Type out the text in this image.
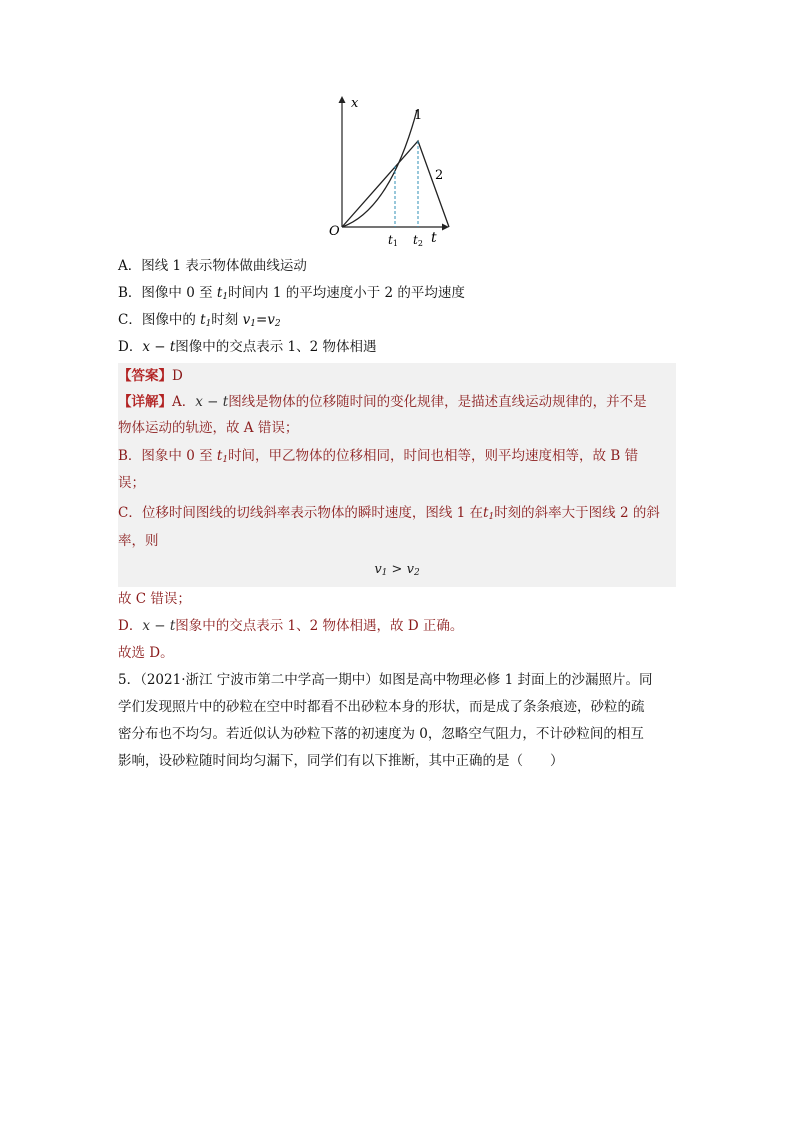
x
t
O
1
2
t1 t2
A．图线 1 表示物体做曲线运动
B．图像中 0 至 $t_1$时间内 1 的平均速度小于 2 的平均速度
C．图像中的 $t_1$时刻 $v_1=v_2$
D．x − t图像中的交点表示 1、2 物体相遇
【答案】D
【详解】A．x − t图线是物体的位移随时间的变化规律，是描述直线运动规律的，并不是
物体运动的轨迹，故 A 错误；
B．图象中 0 至 $t_1$时间，甲乙物体的位移相同，时间也相等，则平均速度相等，故 B 错
误；
C．位移时间图线的切线斜率表示物体的瞬时速度，图线 1 在$t_1$时刻的斜率大于图线 2 的斜
率，则
$v_1 > v_2$
故 C 错误；
D．x − t图象中的交点表示 1、2 物体相遇，故 D 正确。
故选 D。
5．（2021·浙江 宁波市第二中学高一期中）如图是高中物理必修 1 封面上的沙漏照片。同
学们发现照片中的砂粒在空中时都看不出砂粒本身的形状，而是成了条条痕迹，砂粒的疏
密分布也不均匀。若近似认为砂粒下落的初速度为 0，忽略空气阻力，不计砂粒间的相互
影响，设砂粒随时间均匀漏下，同学们有以下推断，其中正确的是（　　）
